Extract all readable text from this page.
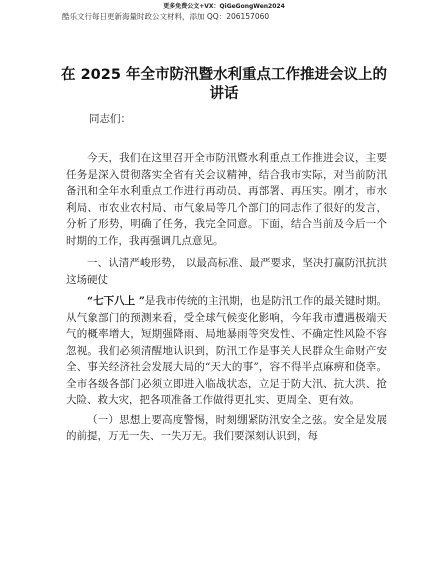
更多免费公文+VX：QiGeGongWen2024
酷乐文行每日更新海量时政公文材料，添加 QQ：206157060
在 2025 年全市防汛暨水利重点工作推进会议上的讲话
同志们：

今天，我们在这里召开全市防汛暨水利重点工作推进会议，主要任务是深入贯彻落实全省有关会议精神，结合我市实际，对当前防汛备汛和全年水利重点工作进行再动员、再部署、再压实。刚才，市水利局、市农业农村局、市气象局等几个部门的同志作了很好的发言，分析了形势，明确了任务，我完全同意。下面，结合当前及今后一个时期的工作，我再强调几点意见。

一、认清严峻形势， 以最高标准、最严要求，坚决打赢防汛抗洪这场硬仗

“七下八上 ”是我市传统的主汛期，也是防汛工作的最关键时期。从气象部门的预测来看，受全球气候变化影响，今年我市遭遇极端天气的概率增大，短期强降雨、局地暴雨等突发性、不确定性风险不容忽视。我们必须清醒地认识到，防汛工作是事关人民群众生命财产安全、事关经济社会发展大局的“天大的事”，容不得半点麻痹和侥幸。全市各级各部门必须立即进入临战状态，立足于防大汛、抗大洪、抢大险、救大灾，把各项准备工作做得更扎实、更周全、更有效。

（一）思想上要高度警惕，时刻绷紧防汛安全之弦。安全是发展的前提，万无一失、一失万无。我们要深刻认识到，每
